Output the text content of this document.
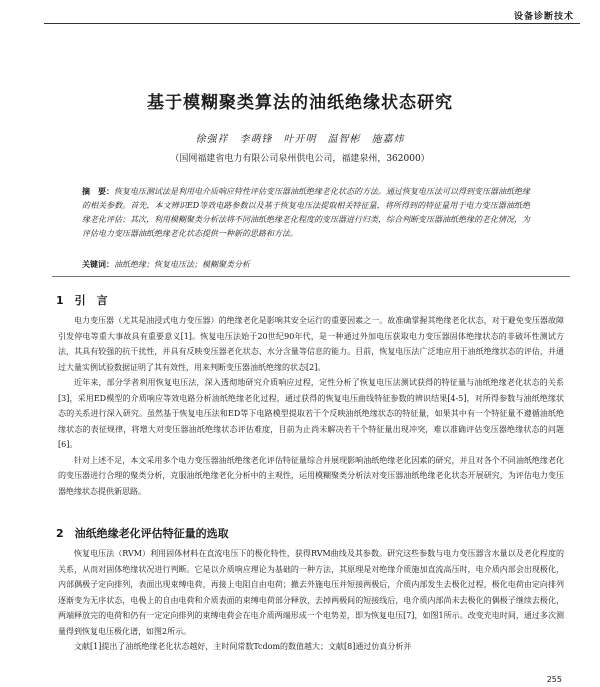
设备诊断技术
基于模糊聚类算法的油纸绝缘状态研究
徐强祥　李萌锋　叶开明　温智彬　施嘉炜
（国网福建省电力有限公司泉州供电公司，福建泉州，362000）
摘　要：恢复电压测试法是利用电介质响应特性评估变压器油纸绝缘老化状态的方法。通过恢复电压法可以得到变压器油纸绝缘的相关参数。首先，本文辨识ED等效电路参数以及基于恢复电压法提取相关特征量，将所得到的特征量用于电力变压器油纸绝缘老化评估；其次，利用模糊聚类分析法将不同油纸绝缘老化程度的变压器进行归类，综合判断变压器油纸绝缘的老化情况，为评估电力变压器油纸绝缘老化状态提供一种新的思路和方法。
关键词：油纸绝缘；恢复电压法；模糊聚类分析
1　引　言

电力变压器（尤其是油浸式电力变压器）的绝缘老化是影响其安全运行的重要因素之一。故准确掌握其绝缘老化状态，对于避免变压器故障引发停电等重大事故具有重要意义[1]。恢复电压法始于20世纪90年代，是一种通过外加电压获取电力变压器固体绝缘状态的非破坏性测试方法，其具有较强的抗干扰性，并具有反映变压器老化状态、水分含量等信息的能力。目前，恢复电压法广泛地应用于油纸绝缘状态的评估，并通过大量实例试验数据证明了其有效性，用来判断变压器油纸绝缘的状态[2]。

近年来，部分学者利用恢复电压法，深入透彻地研究介质响应过程，定性分析了恢复电压法测试获得的特征量与油纸绝缘老化状态的关系[3]，采用ED模型的介质响应等效电路分析油纸绝缘老化过程，通过获得的恢复电压曲线特征参数的辨识结果[4-5]，对所得参数与油纸绝缘状态的关系进行深入研究。虽然基于恢复电压法和ED等下电路模型提取若干个反映油纸绝缘状态的特征量，如果其中有一个特征量不遵循油纸绝缘状态的表征规律，将增大对变压器油纸绝缘状态评估难度，目前为止尚未解决若干个特征量出现冲突，难以准确评估变压器绝缘状态的问题[6]。

针对上述不足，本文采用多个电力变压器油纸绝缘老化评估特征量综合并展现影响油纸绝缘老化因素的研究，并且对各个不同油纸绝缘老化的变压器进行合理的聚类分析，克服油纸绝缘老化分析中的主观性，运用模糊聚类分析法对变压器油纸绝缘老化状态开展研究，为评估电力变压器绝缘状态提供新思路。

2　油纸绝缘老化评估特征量的选取

恢复电压法（RVM）利用固体材料在直流电压下的极化特性，获得RVM曲线及其参数。研究这些参数与电力变压器含水量以及老化程度的关系，从而对固体绝缘状况进行判断。它是以介质响应理论为基础的一种方法，其原理是对绝缘介质施加直流高压时，电介质内部会出现极化，内部偶极子定向排列，表面出现束缚电荷，再接上电阻自由电荷；撤去外施电压并短接两极后，介质内部发生去极化过程，极化电荷由定向排列逐渐变为无序状态，电极上的自由电荷和介质表面的束缚电荷部分释放，去掉两极间的短接线后，电介质内部尚未去极化的偶极子继续去极化，两端释放完的电荷和仍有一定定向排列的束缚电荷会在电介质两端形成一个电势差，即为恢复电压[7]，如图1所示。改变充电时间，通过多次测量得到恢复电压极化谱，如图2所示。

文献[1]提出了油纸绝缘老化状态越好，主时间常数Tcdom的数值越大；文献[8]通过仿真分析并

255
